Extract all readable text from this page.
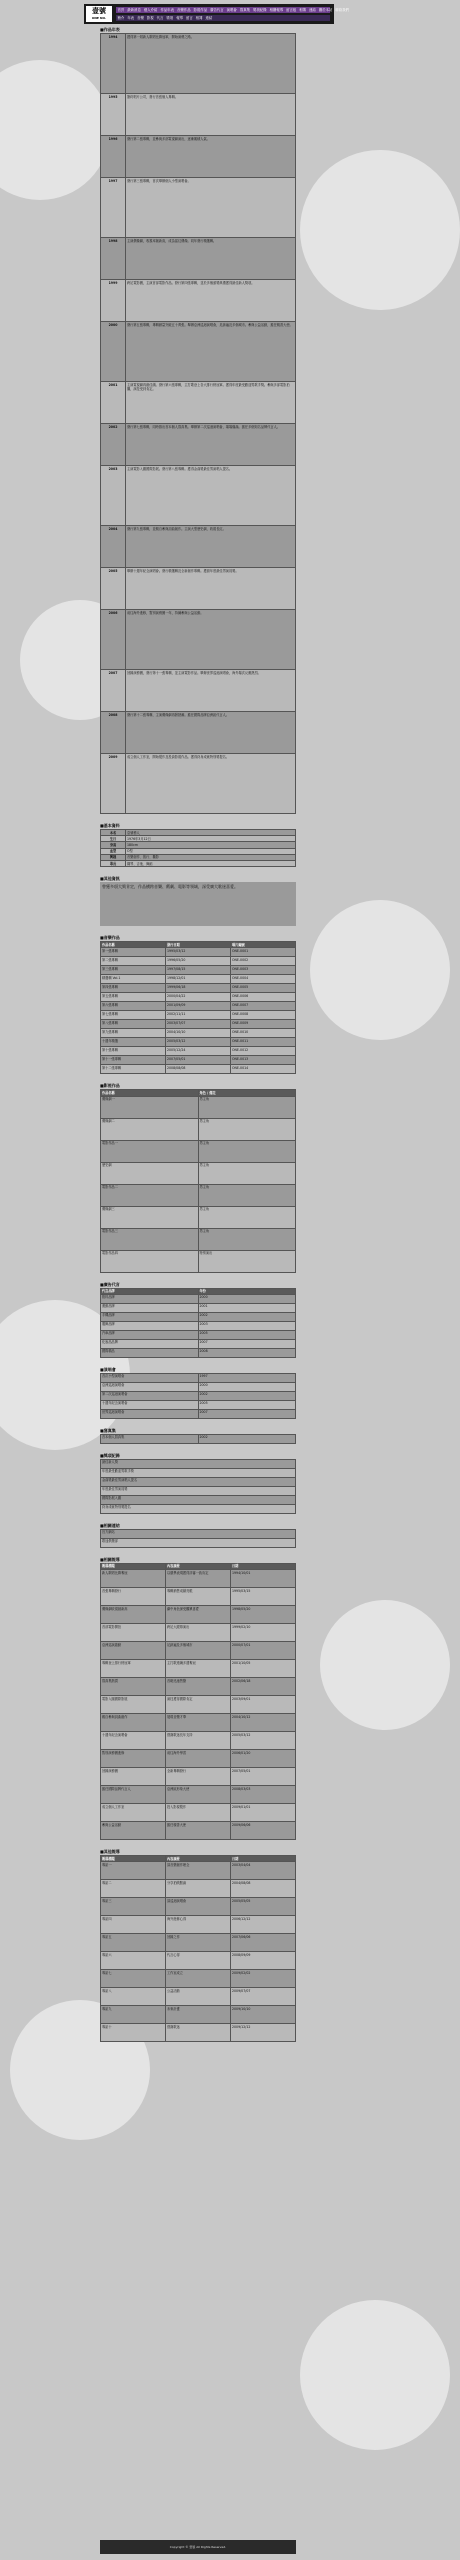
壹號
ONE NO.
首頁 最新消息 藝人介紹 作品年表 音樂作品 影視作品 廣告代言 演唱會 寫真集 獎項紀錄 相關報導 留言板 相簿 連結 關於本站 聯絡我們
簡介 年表 音樂 影視 代言 獎項 報導 留言 相簿 連結
■作品年表
1994	獲得第一屆新人歌唱比賽冠軍，開始演藝之路。
1995	簽約唱片公司，發行首張個人專輯。
1996	發行第二張專輯，並參與多部電視劇演出，逐漸累積人氣。
1997	發行第三張專輯，首次舉辦個人小型演唱會。
1998	主演偶像劇，收視率創新高，成為當紅偶像。同年發行精選輯。
1999	跨足電影圈，主演首部電影作品。發行第四張專輯，並於多個頒獎典禮獲得最佳新人獎項。
2000	發行第五張專輯，專輯銷量突破五十萬張。舉辦亞洲巡迴演唱會，足跡遍及多個城市。參與公益活動，擔任親善大使。
2001	主演電視劇再創佳績。發行第六張專輯，主打歌登上各大排行榜冠軍。獲得年度最受歡迎男歌手獎。參與多部電影拍攝，演技受到肯定。
2002	發行第七張專輯，同時推出首本個人寫真集。舉辦第二次巡迴演唱會，場場爆滿。擔任多個知名品牌代言人。
2003	主演電影入圍國際影展。發行第八張專輯。獲得金曲獎最佳男演唱人提名。
2004	發行第九張專輯，並親自參與詞曲創作。主演大型歷史劇，收視長紅。
2005	舉辦十週年紀念演唱會。發行精選輯及全新創作專輯。獲頒年度最佳男演員獎。
2006	前往海外進修，暫別演藝圈一年，持續參與公益活動。
2007	回歸演藝圈，發行第十一張專輯，並主演電影作品。舉辦世界巡迴演唱會，海外場次反應熱烈。
2008	發行第十二張專輯，主演偶像劇再掀熱潮。擔任國際品牌亞洲區代言人。
2009	成立個人工作室，開始製作及投資影視作品。獲得終身成就特別獎提名。
■基本資料
本名	壹號藝人
生日	1976年3月12日
身高	180cm
血型	O型
興趣	音樂創作、旅行、攝影
專長	鋼琴、吉他、舞蹈
■其他資訊
曾獲多項大獎肯定，作品橫跨音樂、戲劇、電影等領域，深受廣大歌迷喜愛。
■音樂作品
作品名稱	發行日期	唱片編號
第一張專輯	1995/03/12	ONE-0001
第二張專輯	1996/05/20	ONE-0002
第三張專輯	1997/08/15	ONE-0003
精選輯 Vol.1	1998/12/01	ONE-0004
第四張專輯	1999/06/18	ONE-0005
第五張專輯	2000/04/22	ONE-0006
第六張專輯	2001/09/09	ONE-0007
第七張專輯	2002/11/11	ONE-0008
第八張專輯	2003/07/07	ONE-0009
第九張專輯	2004/10/10	ONE-0010
十週年精選	2005/03/12	ONE-0011
第十張專輯	2005/12/24	ONE-0012
第十一張專輯	2007/05/01	ONE-0013
第十二張專輯	2008/08/08	ONE-0014
■影視作品
作品名稱	角色 / 備註
偶像劇一	男主角
偶像劇二	男主角
電影作品一	男主角
歷史劇	男主角
電影作品二	男主角
偶像劇三	男主角
電影作品三	男主角
電影作品四	特別演出
■廣告代言
代言品牌	年份
飲料品牌	2000
運動品牌	2001
手機品牌	2002
服飾品牌	2003
汽車品牌	2005
化妝品品牌	2007
國際精品	2008
■演唱會
首次小型演唱會	1997
亞洲巡迴演唱會	2000
第二次巡迴演唱會	2002
十週年紀念演唱會	2005
世界巡迴演唱會	2007
■寫真集
首本個人寫真集	2002
■獎項紀錄
最佳新人獎
年度最受歡迎男歌手獎
金曲獎最佳男演唱人提名
年度最佳男演員獎
國際影展入圍
終身成就特別獎提名
■相關連結
官方網站
歌迷俱樂部
■相關報導
報導標題	內容摘要	日期
新人歌唱比賽奪冠	以優異表現獲得評審一致肯定	1994/10/01
首張專輯發行	專輯銷售成績亮眼	1995/03/15
偶像劇收視創新高	劇中角色深受觀眾喜愛	1998/05/20
首部電影開拍	跨足大銀幕演出	1999/02/10
亞洲巡演啟動	足跡遍及多個城市	2000/07/01
專輯登上排行榜冠軍	主打歌連續多週奪冠	2001/10/05
寫真集熱賣	首刷迅速售罄	2002/06/18
電影入圍國際影展	演技獲得國際肯定	2003/09/01
親自參與詞曲創作	展現音樂才華	2004/10/12
十週年紀念演唱會	感謝歌迷長年支持	2005/03/12
暫別演藝圈進修	前往海外學習	2006/01/20
回歸演藝圈	全新專輯發行	2007/05/01
擔任國際品牌代言人	亞洲區形象大使	2008/03/03
成立個人工作室	投入影視製作	2009/01/01
參與公益活動	擔任親善大使	2009/06/06
■其他報導
報導標題	內容摘要	日期
專訪一	談音樂創作理念	2003/04/04
專訪二	分享拍戲點滴	2004/08/08
專訪三	談巡迴演唱會	2005/05/05
專訪四	海外進修心得	2006/12/12
專訪五	回歸之作	2007/06/06
專訪六	代言心得	2008/09/09
專訪七	工作室成立	2009/02/02
專訪八	公益活動	2009/07/07
專訪九	未來計畫	2009/10/10
專訪十	感謝歌迷	2009/12/12
Copyright © 壹號 All Rights Reserved.
